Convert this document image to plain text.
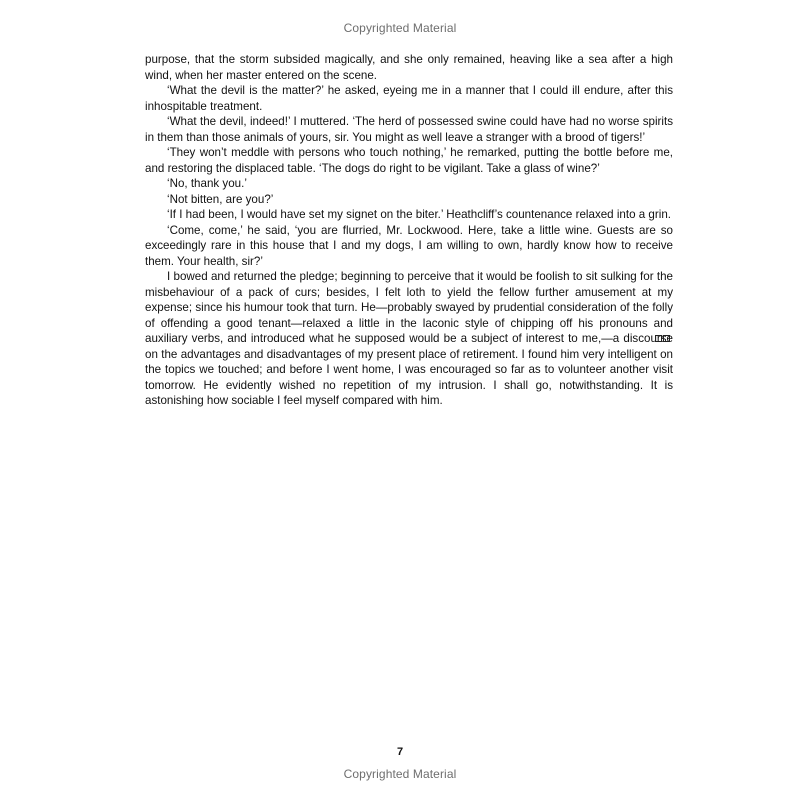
Copyrighted Material

purpose, that the storm subsided magically, and she only remained, heaving like a sea after a high wind, when her master entered on the scene.

‘What the devil is the matter?’ he asked, eyeing me in a manner that I could ill endure, after this inhospitable treatment.

‘What the devil, indeed!’ I muttered. ‘The herd of possessed swine could have had no worse spirits in them than those animals of yours, sir. You might as well leave a stranger with a brood of tigers!’

‘They won’t meddle with persons who touch nothing,’ he remarked, putting the bottle before me, and restoring the displaced table. ‘The dogs do right to be vigilant. Take a glass of wine?’

‘No, thank you.’

‘Not bitten, are you?’

‘If I had been, I would have set my signet on the biter.’ Heathcliff’s countenance relaxed into a grin.

‘Come, come,’ he said, ‘you are flurried, Mr. Lockwood. Here, take a little wine. Guests are so exceedingly rare in this house that I and my dogs, I am willing to own, hardly know how to receive them. Your health, sir?’

I bowed and returned the pledge; beginning to perceive that it would be foolish to sit sulking for the misbehaviour of a pack of curs; besides, I felt loth to yield the fellow further amusement at my expense; since his humour took that turn. He—probably swayed by prudential consideration of the folly of offending a good tenant—relaxed a little in the laconic style of chipping off his pronouns and auxiliary verbs, and introduced what he supposed would be a subject of interest to me,—a discourse on the advantages and disadvantages of my present place of retirement. I found him very intelligent on the topics we touched; and before I went home, I was encouraged so far as to volunteer another visit tomorrow. He evidently wished no repetition of my intrusion. I shall go, notwithstanding. It is astonishing how sociable I feel myself compared with him.

7
Copyrighted Material
